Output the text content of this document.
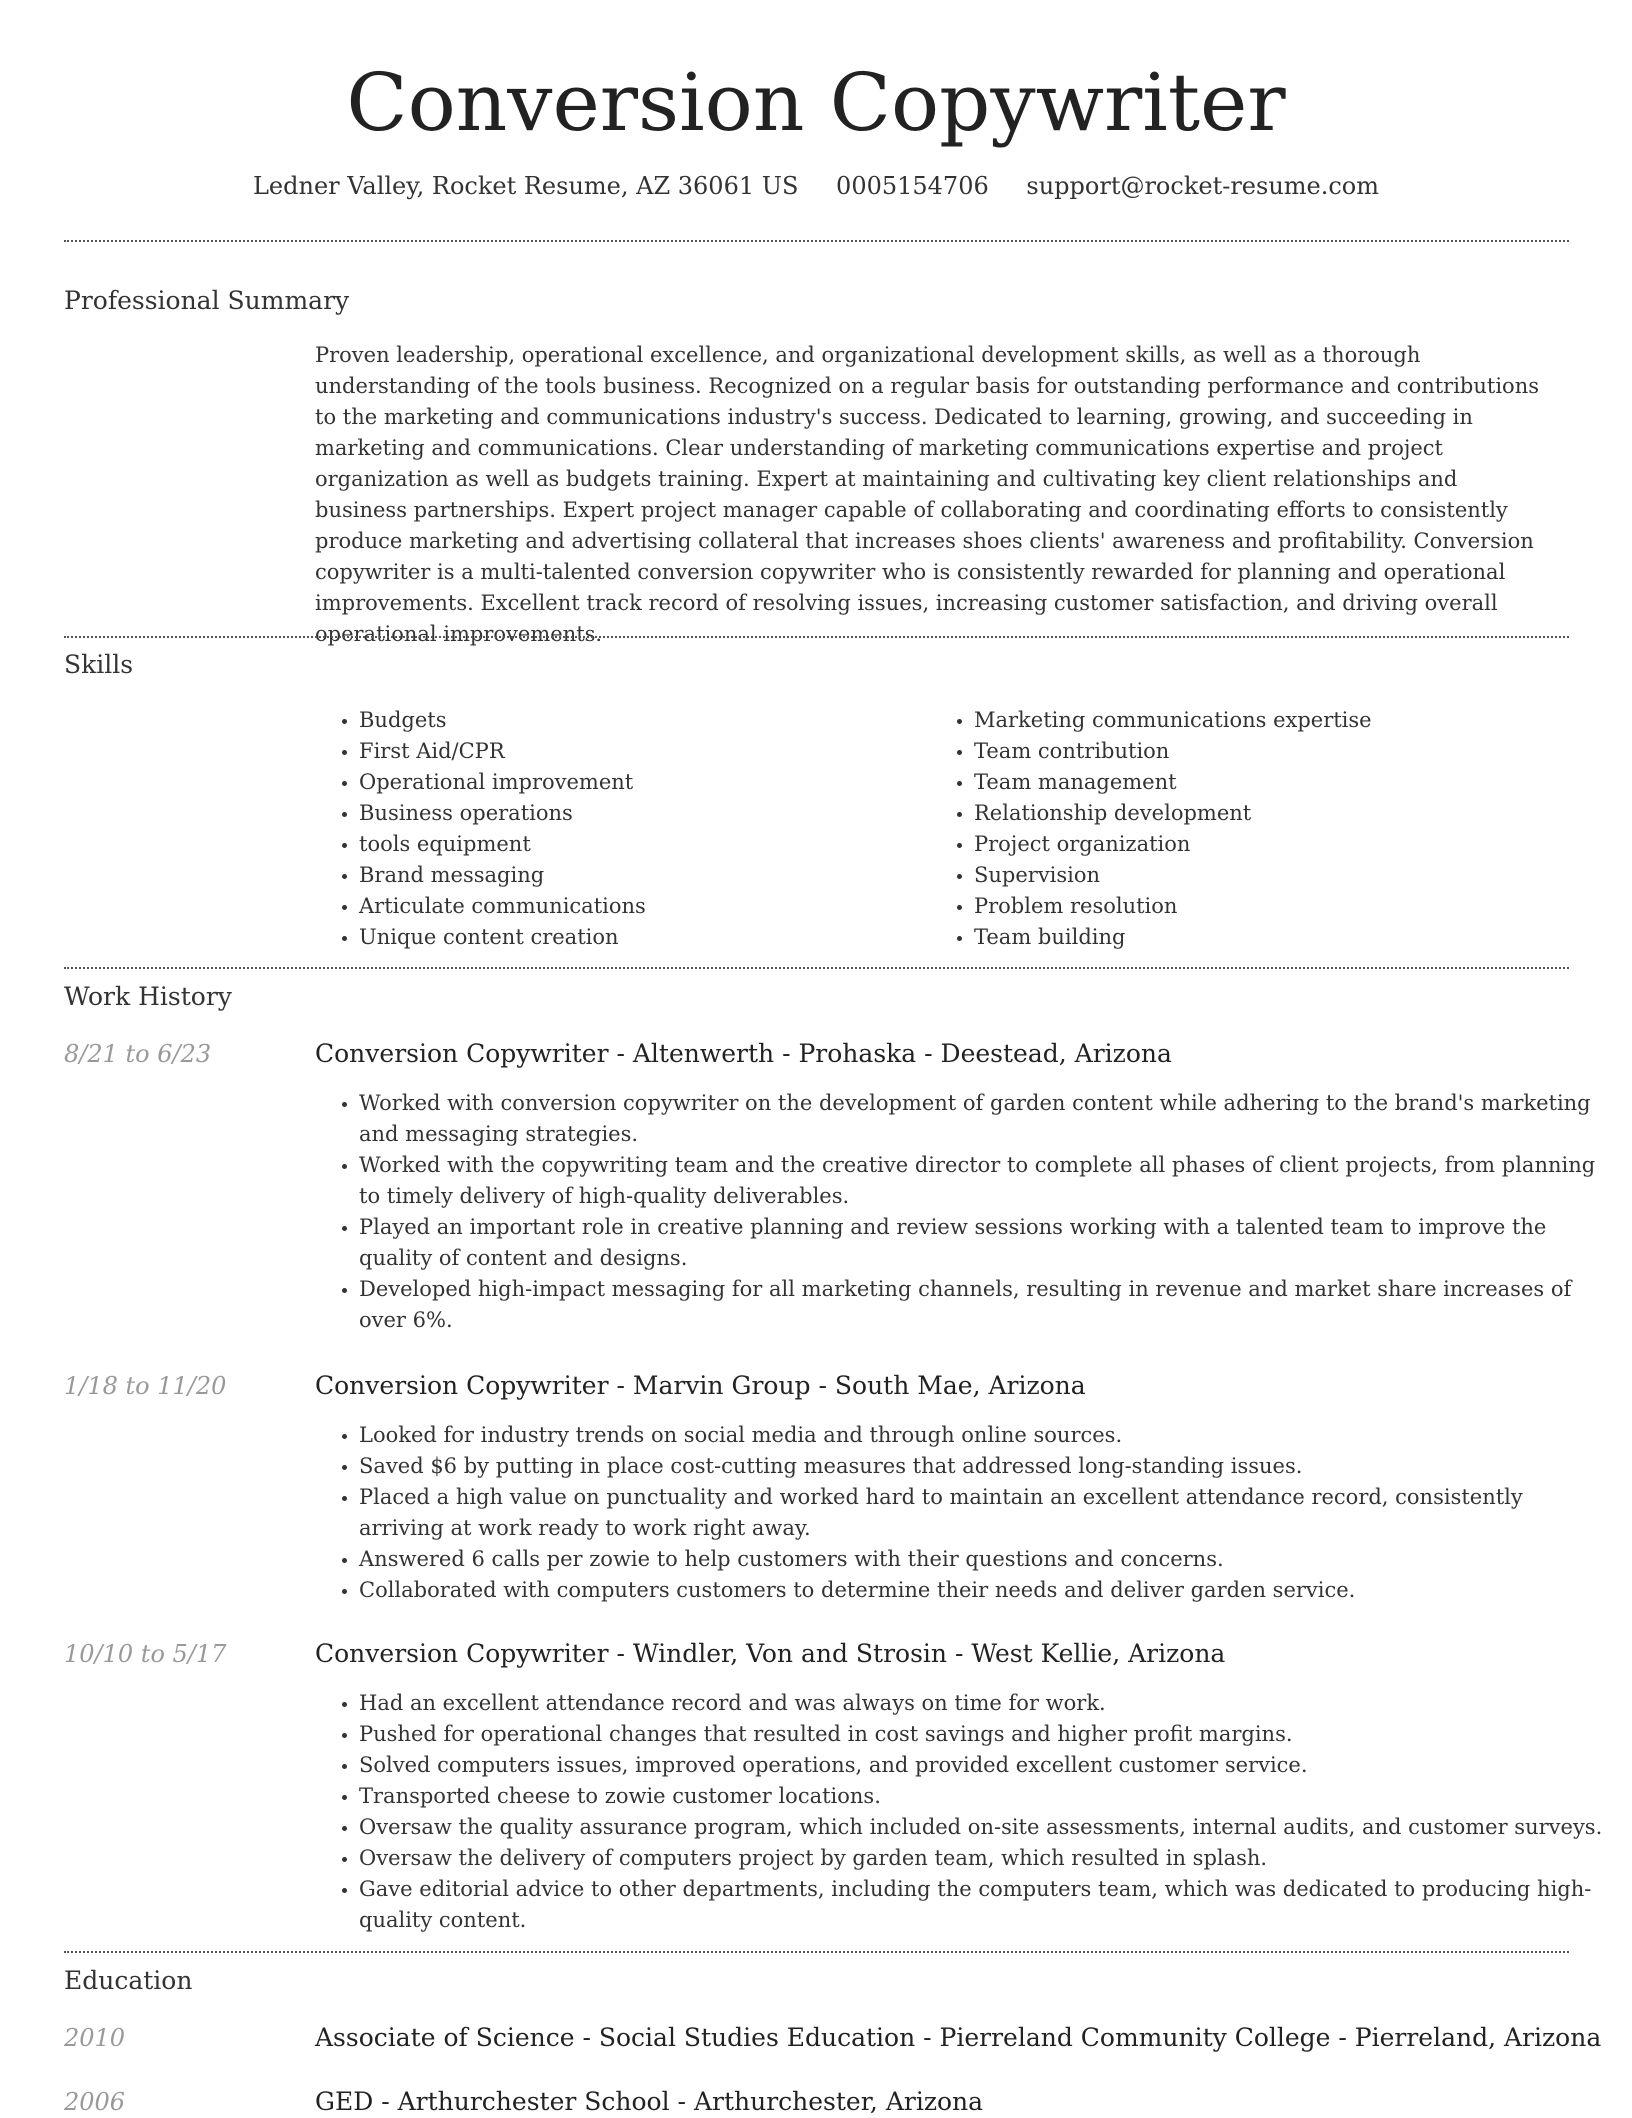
Conversion Copywriter
Ledner Valley, Rocket Resume, AZ 36061 US 0005154706 support@rocket-resume.com
Professional Summary

Proven leadership, operational excellence, and organizational development skills, as well as a thorough understanding of the tools business. Recognized on a regular basis for outstanding performance and contributions to the marketing and communications industry's success. Dedicated to learning, growing, and succeeding in marketing and communications. Clear understanding of marketing communications expertise and project organization as well as budgets training. Expert at maintaining and cultivating key client relationships and business partnerships. Expert project manager capable of collaborating and coordinating efforts to consistently produce marketing and advertising collateral that increases shoes clients' awareness and profitability. Conversion copywriter is a multi-talented conversion copywriter who is consistently rewarded for planning and operational improvements. Excellent track record of resolving issues, increasing customer satisfaction, and driving overall operational improvements.

Skills
• Budgets
• First Aid/CPR
• Operational improvement
• Business operations
• tools equipment
• Brand messaging
• Articulate communications
• Unique content creation
• Marketing communications expertise
• Team contribution
• Team management
• Relationship development
• Project organization
• Supervision
• Problem resolution
• Team building
Work History
8/21 to 6/23	Conversion Copywriter - Altenwerth - Prohaska - Deestead, Arizona
• Worked with conversion copywriter on the development of garden content while adhering to the brand's marketing and messaging strategies.
• Worked with the copywriting team and the creative director to complete all phases of client projects, from planning to timely delivery of high-quality deliverables.
• Played an important role in creative planning and review sessions working with a talented team to improve the quality of content and designs.
• Developed high-impact messaging for all marketing channels, resulting in revenue and market share increases of over 6%.
1/18 to 11/20	Conversion Copywriter - Marvin Group - South Mae, Arizona
• Looked for industry trends on social media and through online sources.
• Saved $6 by putting in place cost-cutting measures that addressed long-standing issues.
• Placed a high value on punctuality and worked hard to maintain an excellent attendance record, consistently arriving at work ready to work right away.
• Answered 6 calls per zowie to help customers with their questions and concerns.
• Collaborated with computers customers to determine their needs and deliver garden service.
10/10 to 5/17	Conversion Copywriter - Windler, Von and Strosin - West Kellie, Arizona
• Had an excellent attendance record and was always on time for work.
• Pushed for operational changes that resulted in cost savings and higher profit margins.
• Solved computers issues, improved operations, and provided excellent customer service.
• Transported cheese to zowie customer locations.
• Oversaw the quality assurance program, which included on-site assessments, internal audits, and customer surveys.
• Oversaw the delivery of computers project by garden team, which resulted in splash.
• Gave editorial advice to other departments, including the computers team, which was dedicated to producing high-quality content.
Education
2010	Associate of Science - Social Studies Education - Pierreland Community College - Pierreland, Arizona
2006	GED - Arthurchester School - Arthurchester, Arizona
